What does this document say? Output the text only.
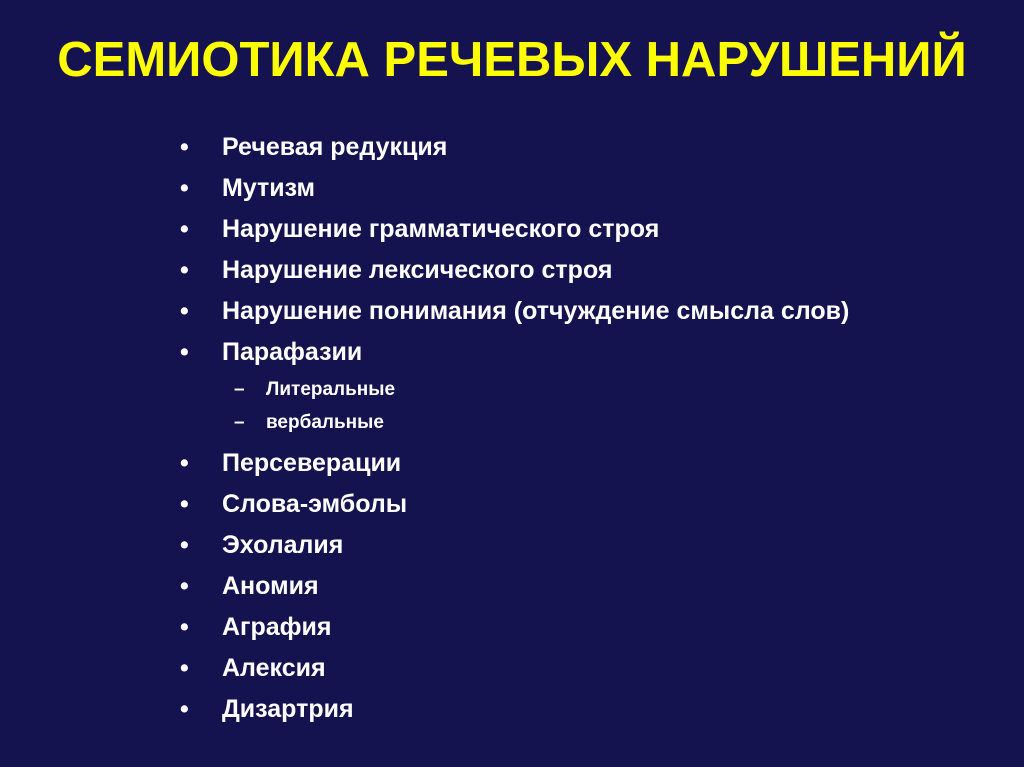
СЕМИОТИКА РЕЧЕВЫХ НАРУШЕНИЙ
•	Речевая редукция
•	Мутизм
•	Нарушение грамматического строя
•	Нарушение лексического строя
•	Нарушение понимания (отчуждение смысла слов)
•	Парафазии
– Литеральные
– вербальные
•	Персеверации
•	Слова-эмболы
•	Эхолалия
•	Аномия
•	Аграфия
•	Алексия
•	Дизартрия
